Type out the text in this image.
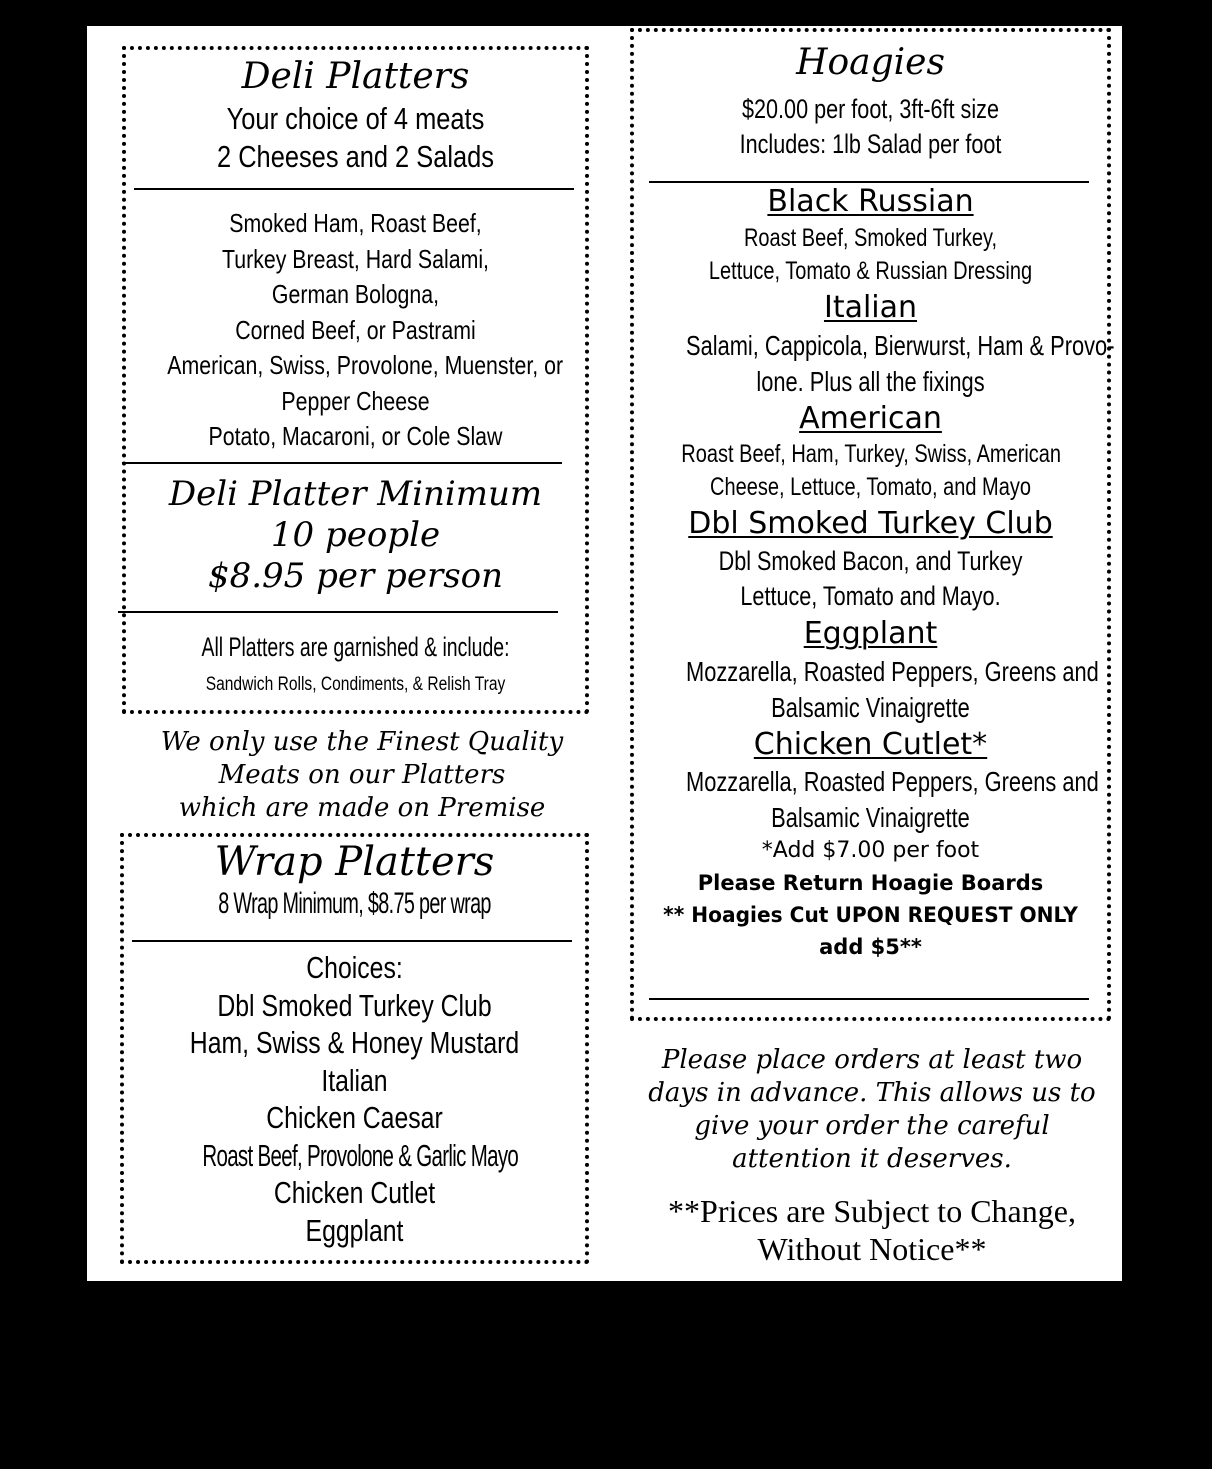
Deli Platters
Your choice of 4 meats
2 Cheeses and 2 Salads
Smoked Ham, Roast Beef,
Turkey Breast, Hard Salami,
German Bologna,
Corned Beef, or Pastrami
American, Swiss, Provolone, Muenster, or
Pepper Cheese
Potato, Macaroni, or Cole Slaw
Deli Platter Minimum
10 people
$8.95 per person
All Platters are garnished & include:
Sandwich Rolls, Condiments, & Relish Tray
We only use the Finest Quality
Meats on our Platters
which are made on Premise
Wrap Platters
8 Wrap Minimum, $8.75 per wrap
Choices:
Dbl Smoked Turkey Club
Ham, Swiss & Honey Mustard
Italian
Chicken Caesar
Roast Beef, Provolone & Garlic Mayo
Chicken Cutlet
Eggplant
Hoagies
$20.00 per foot, 3ft-6ft size
Includes: 1lb Salad per foot
Black Russian
Roast Beef, Smoked Turkey,
Lettuce, Tomato & Russian Dressing
Italian
Salami, Cappicola, Bierwurst, Ham & Provo-
lone. Plus all the fixings
American
Roast Beef, Ham, Turkey, Swiss, American
Cheese, Lettuce, Tomato, and Mayo
Dbl Smoked Turkey Club
Dbl Smoked Bacon, and Turkey
Lettuce, Tomato and Mayo.
Eggplant
Mozzarella, Roasted Peppers, Greens and
Balsamic Vinaigrette
Chicken Cutlet*
Mozzarella, Roasted Peppers, Greens and
Balsamic Vinaigrette
*Add $7.00 per foot
Please Return Hoagie Boards
** Hoagies Cut UPON REQUEST ONLY
add $5**
Please place orders at least two
days in advance. This allows us to
give your order the careful
attention it deserves.
**Prices are Subject to Change,
Without Notice**
